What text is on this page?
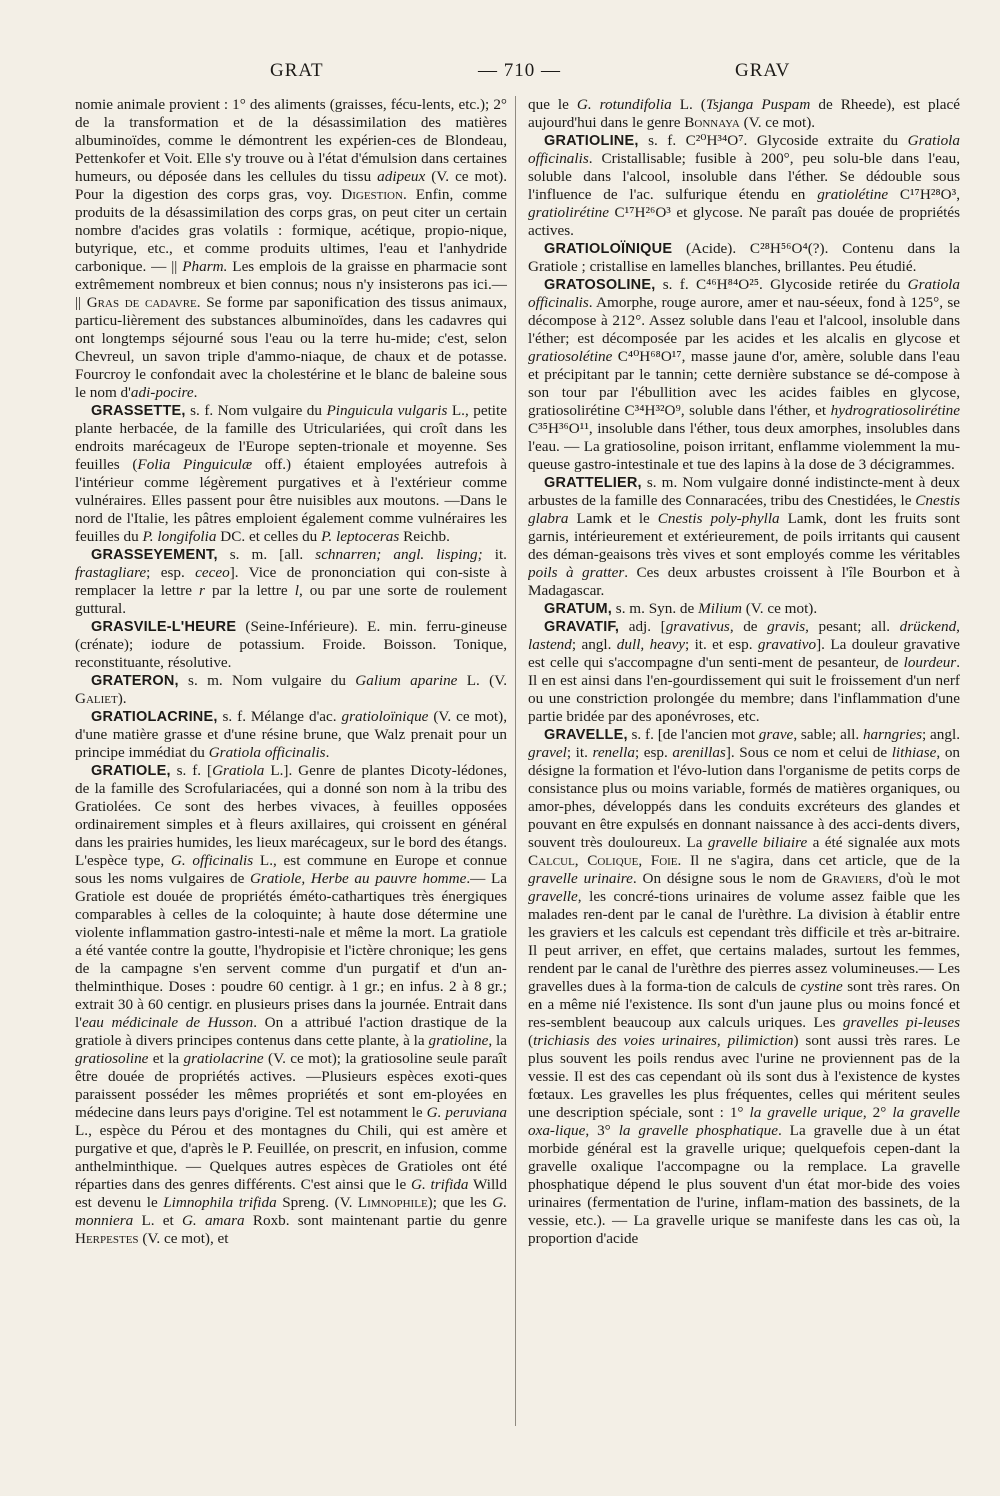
GRAT	— 710 —	GRAV

nomie animale provient : 1° des aliments (graisses, fécu-lents, etc.); 2° de la transformation et de la désassimilation des matières albuminoïdes, comme le démontrent les expérien-ces de Blondeau, Pettenkofer et Voit. Elle s'y trouve ou à l'état d'émulsion dans certaines humeurs, ou déposée dans les cellules du tissu adipeux (V. ce mot). Pour la digestion des corps gras, voy. Digestion. Enfin, comme produits de la désassimilation des corps gras, on peut citer un certain nombre d'acides gras volatils : formique, acétique, propio-nique, butyrique, etc., et comme produits ultimes, l'eau et l'anhydride carbonique. — || Pharm. Les emplois de la graisse en pharmacie sont extrêmement nombreux et bien connus; nous n'y insisterons pas ici.— || Gras de cadavre. Se forme par saponification des tissus animaux, particu-lièrement des substances albuminoïdes, dans les cadavres qui ont longtemps séjourné sous l'eau ou la terre hu-mide; c'est, selon Chevreul, un savon triple d'ammo-niaque, de chaux et de potasse. Fourcroy le confondait avec la cholestérine et le blanc de baleine sous le nom d'adi-pocire.

GRASSETTE, s. f. Nom vulgaire du Pinguicula vulgaris L., petite plante herbacée, de la famille des Utriculariées, qui croît dans les endroits marécageux de l'Europe septen-trionale et moyenne. Ses feuilles (Folia Pinguiculæ off.) étaient employées autrefois à l'intérieur comme légèrement purgatives et à l'extérieur comme vulnéraires. Elles passent pour être nuisibles aux moutons. —Dans le nord de l'Italie, les pâtres emploient également comme vulnéraires les feuilles du P. longifolia DC. et celles du P. leptoceras Reichb.

GRASSEYEMENT, s. m. [all. schnarren; angl. lisping; it. frastagliare; esp. ceceo]. Vice de prononciation qui con-siste à remplacer la lettre r par la lettre l, ou par une sorte de roulement guttural.

GRASVILE-L'HEURE (Seine-Inférieure). E. min. ferru-gineuse (crénate); iodure de potassium. Froide. Boisson. Tonique, reconstituante, résolutive.

GRATERON, s. m. Nom vulgaire du Galium aparine L. (V. Galiet).

GRATIOLACRINE, s. f. Mélange d'ac. gratioloïnique (V. ce mot), d'une matière grasse et d'une résine brune, que Walz prenait pour un principe immédiat du Gratiola officinalis.

GRATIOLE, s. f. [Gratiola L.]. Genre de plantes Dicoty-lédones, de la famille des Scrofulariacées, qui a donné son nom à la tribu des Gratiolées. Ce sont des herbes vivaces, à feuilles opposées ordinairement simples et à fleurs axillaires, qui croissent en général dans les prairies humides, les lieux marécageux, sur le bord des étangs. L'espèce type, G. officinalis L., est commune en Europe et connue sous les noms vulgaires de Gratiole, Herbe au pauvre homme.— La Gratiole est douée de propriétés éméto-cathartiques très énergiques comparables à celles de la coloquinte; à haute dose détermine une violente inflammation gastro-intesti-nale et même la mort. La gratiole a été vantée contre la goutte, l'hydropisie et l'ictère chronique; les gens de la campagne s'en servent comme d'un purgatif et d'un an-thelminthique. Doses : poudre 60 centigr. à 1 gr.; en infus. 2 à 8 gr.; extrait 30 à 60 centigr. en plusieurs prises dans la journée. Entrait dans l'eau médicinale de Husson. On a attribué l'action drastique de la gratiole à divers principes contenus dans cette plante, à la gratioline, la gratiosoline et la gratiolacrine (V. ce mot); la gratiosoline seule paraît être douée de propriétés actives. —Plusieurs espèces exoti-ques paraissent posséder les mêmes propriétés et sont em-ployées en médecine dans leurs pays d'origine. Tel est notamment le G. peruviana L., espèce du Pérou et des montagnes du Chili, qui est amère et purgative et que, d'après le P. Feuillée, on prescrit, en infusion, comme anthelminthique. — Quelques autres espèces de Gratioles ont été réparties dans des genres différents. C'est ainsi que le G. trifida Willd est devenu le Limnophila trifida Spreng. (V. Limnophile); que les G. monniera L. et G. amara Roxb. sont maintenant partie du genre Herpestes (V. ce mot), et

que le G. rotundifolia L. (Tsjanga Puspam de Rheede), est placé aujourd'hui dans le genre Bonnaya (V. ce mot).

GRATIOLINE, s. f. C²⁰H³⁴O⁷. Glycoside extraite du Gratiola officinalis. Cristallisable; fusible à 200°, peu solu-ble dans l'eau, soluble dans l'alcool, insoluble dans l'éther. Se dédouble sous l'influence de l'ac. sulfurique étendu en gratiolétine C¹⁷H²⁸O³, gratiolirétine C¹⁷H²⁶O³ et glycose. Ne paraît pas douée de propriétés actives.

GRATIOLOÏNIQUE (Acide). C²⁸H⁵⁶O⁴(?). Contenu dans la Gratiole ; cristallise en lamelles blanches, brillantes. Peu étudié.

GRATOSOLINE, s. f. C⁴⁶H⁸⁴O²⁵. Glycoside retirée du Gratiola officinalis. Amorphe, rouge aurore, amer et nau-séeux, fond à 125°, se décompose à 212°. Assez soluble dans l'eau et l'alcool, insoluble dans l'éther; est décomposée par les acides et les alcalis en glycose et gratiosolétine C⁴⁰H⁶⁸O¹⁷, masse jaune d'or, amère, soluble dans l'eau et précipitant par le tannin; cette dernière substance se dé-compose à son tour par l'ébullition avec les acides faibles en glycose, gratiosolirétine C³⁴H³²O⁹, soluble dans l'éther, et hydrogratiosolirétine C³⁵H³⁶O¹¹, insoluble dans l'éther, tous deux amorphes, insolubles dans l'eau. — La gratiosoline, poison irritant, enflamme violemment la mu-queuse gastro-intestinale et tue des lapins à la dose de 3 décigrammes.

GRATTELIER, s. m. Nom vulgaire donné indistincte-ment à deux arbustes de la famille des Connaracées, tribu des Cnestidées, le Cnestis glabra Lamk et le Cnestis poly-phylla Lamk, dont les fruits sont garnis, intérieurement et extérieurement, de poils irritants qui causent des déman-geaisons très vives et sont employés comme les véritables poils à gratter. Ces deux arbustes croissent à l'île Bourbon et à Madagascar.

GRATUM, s. m. Syn. de Milium (V. ce mot).

GRAVATIF, adj. [gravativus, de gravis, pesant; all. drückend, lastend; angl. dull, heavy; it. et esp. gravativo]. La douleur gravative est celle qui s'accompagne d'un senti-ment de pesanteur, de lourdeur. Il en est ainsi dans l'en-gourdissement qui suit le froissement d'un nerf ou une constriction prolongée du membre; dans l'inflammation d'une partie bridée par des aponévroses, etc.

GRAVELLE, s. f. [de l'ancien mot grave, sable; all. harngries; angl. gravel; it. renella; esp. arenillas]. Sous ce nom et celui de lithiase, on désigne la formation et l'évo-lution dans l'organisme de petits corps de consistance plus ou moins variable, formés de matières organiques, ou amor-phes, développés dans les conduits excréteurs des glandes et pouvant en être expulsés en donnant naissance à des acci-dents divers, souvent très douloureux. La gravelle biliaire a été signalée aux mots Calcul, Colique, Foie. Il ne s'agira, dans cet article, que de la gravelle urinaire. On désigne sous le nom de Graviers, d'où le mot gravelle, les concré-tions urinaires de volume assez faible que les malades ren-dent par le canal de l'urèthre. La division à établir entre les graviers et les calculs est cependant très difficile et très ar-bitraire. Il peut arriver, en effet, que certains malades, surtout les femmes, rendent par le canal de l'urèthre des pierres assez volumineuses.— Les gravelles dues à la forma-tion de calculs de cystine sont très rares. On en a même nié l'existence. Ils sont d'un jaune plus ou moins foncé et res-semblent beaucoup aux calculs uriques. Les gravelles pi-leuses (trichiasis des voies urinaires, pilimiction) sont aussi très rares. Le plus souvent les poils rendus avec l'urine ne proviennent pas de la vessie. Il est des cas cependant où ils sont dus à l'existence de kystes fœtaux. Les gravelles les plus fréquentes, celles qui méritent seules une description spéciale, sont : 1° la gravelle urique, 2° la gravelle oxa-lique, 3° la gravelle phosphatique. La gravelle due à un état morbide général est la gravelle urique; quelquefois cepen-dant la gravelle oxalique l'accompagne ou la remplace. La gravelle phosphatique dépend le plus souvent d'un état mor-bide des voies urinaires (fermentation de l'urine, inflam-mation des bassinets, de la vessie, etc.). — La gravelle urique se manifeste dans les cas où, la proportion d'acide
